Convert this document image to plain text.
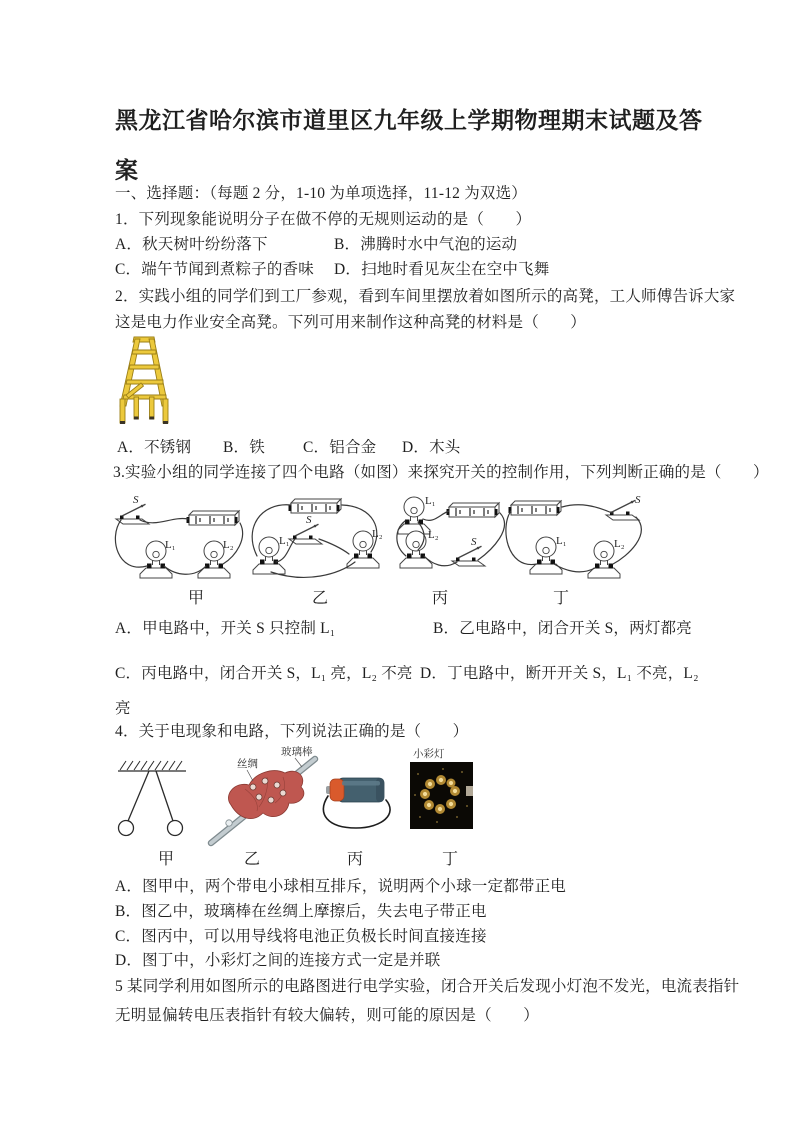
黑龙江省哈尔滨市道里区九年级上学期物理期末试题及答案
一、选择题：（每题 2 分，1-10 为单项选择，11-12 为双选）
1．下列现象能说明分子在做不停的无规则运动的是（　　）
A．秋天树叶纷纷落下	B．沸腾时水中气泡的运动
C．端午节闻到煮粽子的香味 D．扫地时看见灰尘在空中飞舞
2．实践小组的同学们到工厂参观，看到车间里摆放着如图所示的高凳，工人师傅告诉大家
这是电力作业安全高凳。下列可用来制作这种高凳的材料是（　　）
A．不锈钢 B．铁 C．铝合金 D．木头
3.实验小组的同学连接了四个电路（如图）来探究开关的控制作用，下列判断正确的是（　　）
S
L₁	L₂
S
L₁
L₂
S
L₁
L₂
S
L₁	L₂
甲	乙	丙	丁
A．甲电路中，开关 S 只控制 L₁	B．乙电路中，闭合开关 S，两灯都亮
C．丙电路中，闭合开关 S，L₁ 亮，L₂ 不亮 D．丁电路中，断开开关 S，L₁ 不亮，L₂
亮
4．关于电现象和电路，下列说法正确的是（　　）
丝绸
玻璃棒	小彩灯
甲	乙	丙	丁
A．图甲中，两个带电小球相互排斥，说明两个小球一定都带正电
B．图乙中，玻璃棒在丝绸上摩擦后，失去电子带正电
C．图丙中，可以用导线将电池正负极长时间直接连接
D．图丁中，小彩灯之间的连接方式一定是并联
5 某同学利用如图所示的电路图进行电学实验，闭合开关后发现小灯泡不发光，电流表指针
无明显偏转电压表指针有较大偏转，则可能的原因是（　　）
